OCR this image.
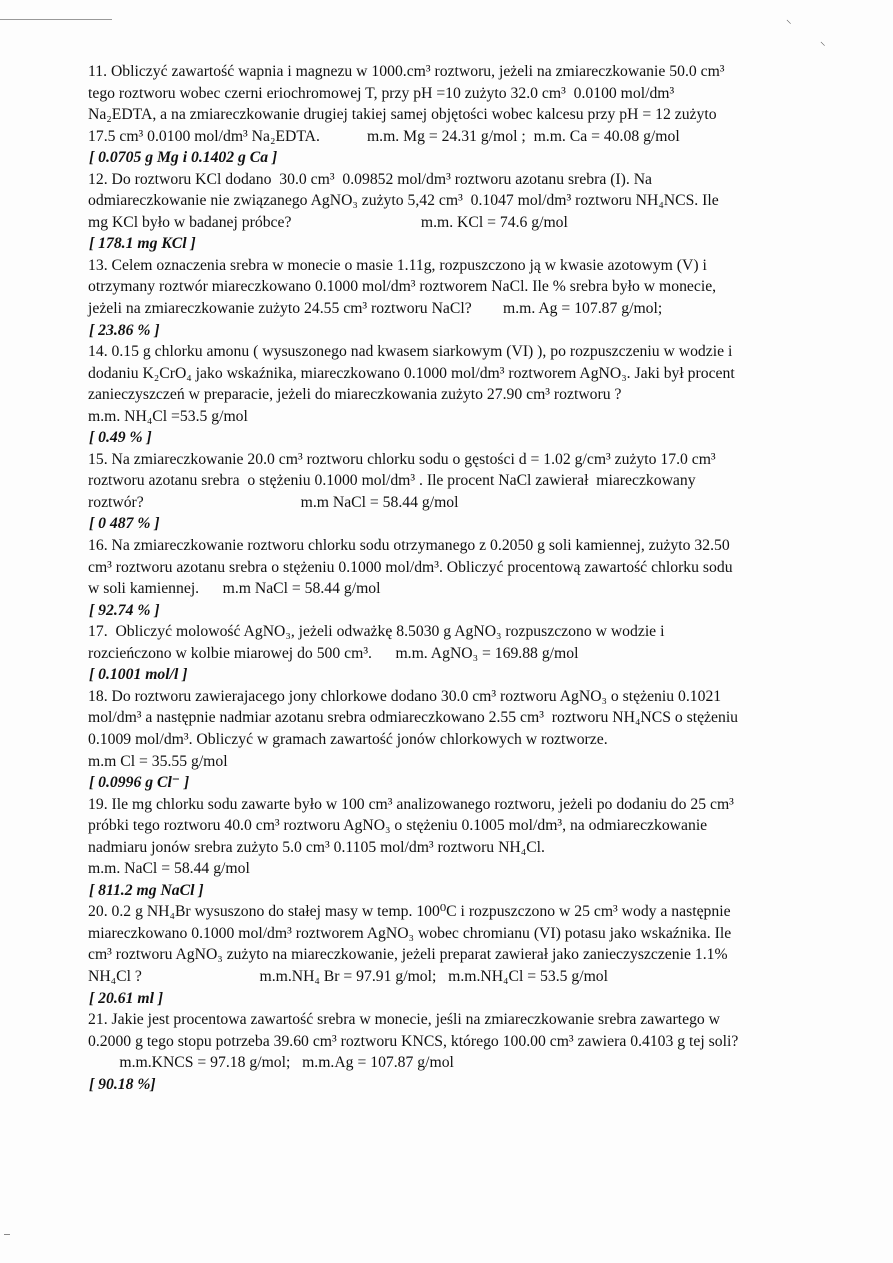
⸜
⸜
11. Obliczyć zawartość wapnia i magnezu w 1000.cm³ roztworu, jeżeli na zmiareczkowanie 50.0 cm³
tego roztworu wobec czerni eriochromowej T, przy pH =10 zużyto 32.0 cm³  0.0100 mol/dm³
Na₂EDTA, a na zmiareczkowanie drugiej takiej samej objętości wobec kalcesu przy pH = 12 zużyto
17.5 cm³ 0.0100 mol/dm³ Na₂EDTA.            m.m. Mg = 24.31 g/mol ;  m.m. Ca = 40.08 g/mol
[ 0.0705 g Mg i 0.1402 g Ca ]
12. Do roztworu KCl dodano  30.0 cm³  0.09852 mol/dm³ roztworu azotanu srebra (I). Na
odmiareczkowanie nie związanego AgNO₃ zużyto 5,42 cm³  0.1047 mol/dm³ roztworu NH₄NCS. Ile
mg KCl było w badanej próbce?                                 m.m. KCl = 74.6 g/mol
[ 178.1 mg KCl ]
13. Celem oznaczenia srebra w monecie o masie 1.11g, rozpuszczono ją w kwasie azotowym (V) i
otrzymany roztwór miareczkowano 0.1000 mol/dm³ roztworem NaCl. Ile % srebra było w monecie,
jeżeli na zmiareczkowanie zużyto 24.55 cm³ roztworu NaCl?        m.m. Ag = 107.87 g/mol;
[ 23.86 % ]
14. 0.15 g chlorku amonu ( wysuszonego nad kwasem siarkowym (VI) ), po rozpuszczeniu w wodzie i
dodaniu K₂CrO₄ jako wskaźnika, miareczkowano 0.1000 mol/dm³ roztworem AgNO₃. Jaki był procent
zanieczyszczeń w preparacie, jeżeli do miareczkowania zużyto 27.90 cm³ roztworu ?
m.m. NH₄Cl =53.5 g/mol
[ 0.49 % ]
15. Na zmiareczkowanie 20.0 cm³ roztworu chlorku sodu o gęstości d = 1.02 g/cm³ zużyto 17.0 cm³
roztworu azotanu srebra  o stężeniu 0.1000 mol/dm³ . Ile procent NaCl zawierał  miareczkowany
roztwór?                                        m.m NaCl = 58.44 g/mol
[ 0 487 % ]
16. Na zmiareczkowanie roztworu chlorku sodu otrzymanego z 0.2050 g soli kamiennej, zużyto 32.50
cm³ roztworu azotanu srebra o stężeniu 0.1000 mol/dm³. Obliczyć procentową zawartość chlorku sodu
w soli kamiennej.      m.m NaCl = 58.44 g/mol
[ 92.74 % ]
17.  Obliczyć molowość AgNO₃, jeżeli odważkę 8.5030 g AgNO₃ rozpuszczono w wodzie i
rozcieńczono w kolbie miarowej do 500 cm³.      m.m. AgNO₃ = 169.88 g/mol
[ 0.1001 mol/l ]
18. Do roztworu zawierajacego jony chlorkowe dodano 30.0 cm³ roztworu AgNO₃ o stężeniu 0.1021
mol/dm³ a następnie nadmiar azotanu srebra odmiareczkowano 2.55 cm³  roztworu NH₄NCS o stężeniu
0.1009 mol/dm³. Obliczyć w gramach zawartość jonów chlorkowych w roztworze.
m.m Cl = 35.55 g/mol
[ 0.0996 g Cl⁻ ]
19. Ile mg chlorku sodu zawarte było w 100 cm³ analizowanego roztworu, jeżeli po dodaniu do 25 cm³
próbki tego roztworu 40.0 cm³ roztworu AgNO₃ o stężeniu 0.1005 mol/dm³, na odmiareczkowanie
nadmiaru jonów srebra zużyto 5.0 cm³ 0.1105 mol/dm³ roztworu NH₄Cl.
m.m. NaCl = 58.44 g/mol
[ 811.2 mg NaCl ]
20. 0.2 g NH₄Br wysuszono do stałej masy w temp. 100⁰C i rozpuszczono w 25 cm³ wody a następnie
miareczkowano 0.1000 mol/dm³ roztworem AgNO₃ wobec chromianu (VI) potasu jako wskaźnika. Ile
cm³ roztworu AgNO₃ zużyto na miareczkowanie, jeżeli preparat zawierał jako zanieczyszczenie 1.1%
NH₄Cl ?                              m.m.NH₄ Br = 97.91 g/mol;   m.m.NH₄Cl = 53.5 g/mol
[ 20.61 ml ]
21. Jakie jest procentowa zawartość srebra w monecie, jeśli na zmiareczkowanie srebra zawartego w
0.2000 g tego stopu potrzeba 39.60 cm³ roztworu KNCS, którego 100.00 cm³ zawiera 0.4103 g tej soli?
m.m.KNCS = 97.18 g/mol;   m.m.Ag = 107.87 g/mol
[ 90.18 %]
